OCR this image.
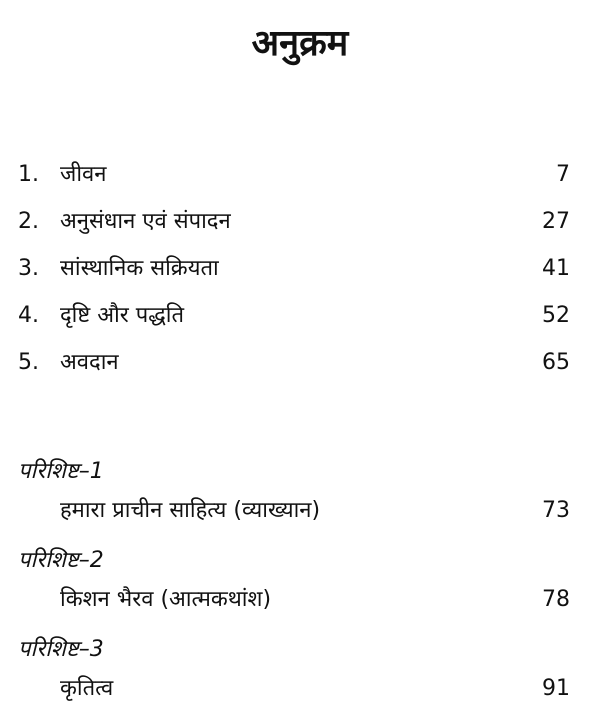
अनुक्रम
1. जीवन	7
2. अनुसंधान एवं संपादन	27
3. सांस्थानिक सक्रियता	41
4. दृष्टि और पद्धति	52
5. अवदान	65
परिशिष्ट–1
हमारा प्राचीन साहित्य (व्याख्यान)	73
परिशिष्ट–2
किशन भैरव (आत्मकथांश)	78
परिशिष्ट–3
कृतित्व	91
